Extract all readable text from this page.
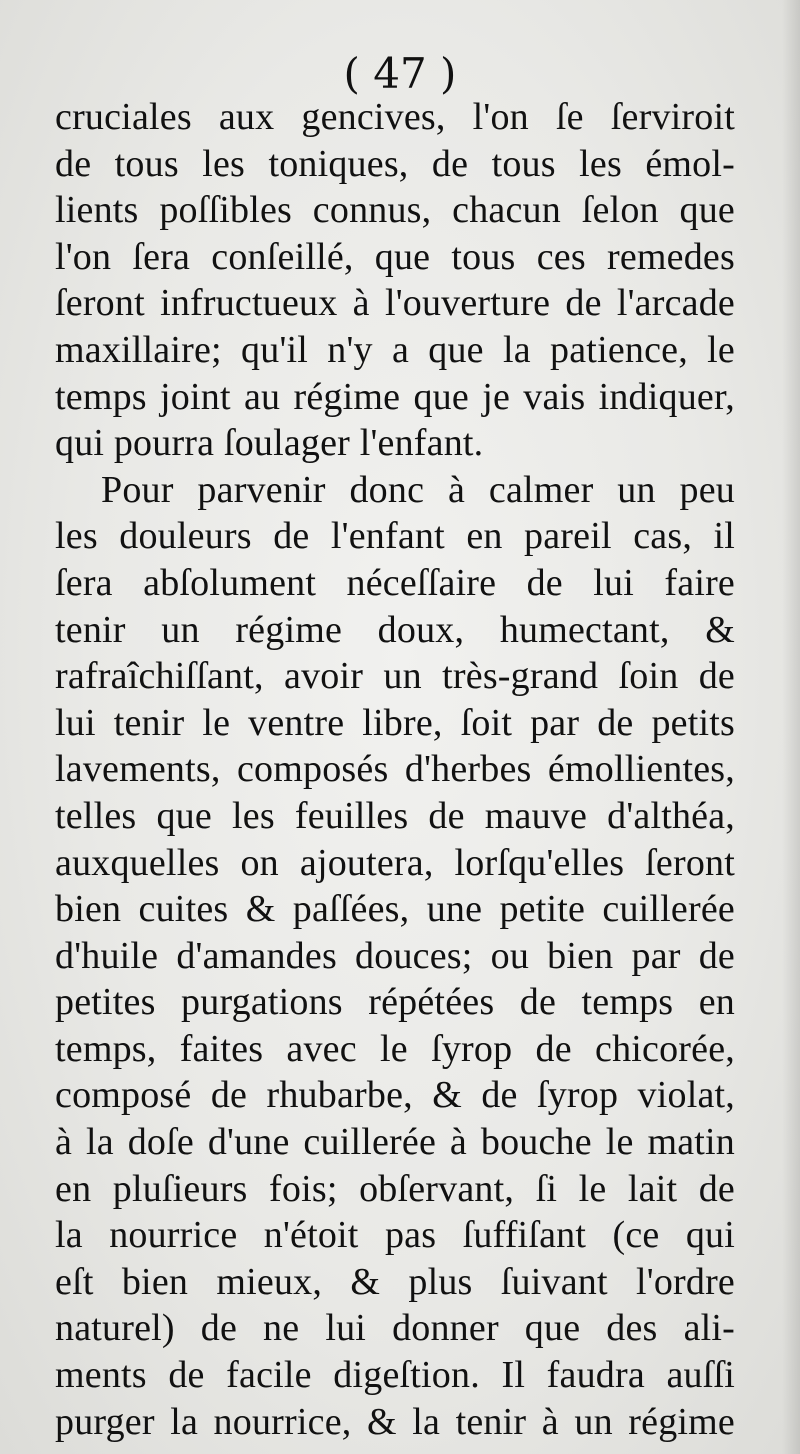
( 47 )
cruciales aux gencives, l'on ſe ſerviroit
de tous les toniques, de tous les émol-
lients poſſibles connus, chacun ſelon que
l'on ſera conſeillé, que tous ces remedes
ſeront infructueux à l'ouverture de l'arcade
maxillaire; qu'il n'y a que la patience, le
temps joint au régime que je vais indiquer,
qui pourra ſoulager l'enfant.
Pour parvenir donc à calmer un peu
les douleurs de l'enfant en pareil cas, il
ſera abſolument néceſſaire de lui faire
tenir un régime doux, humectant, &
rafraîchiſſant, avoir un très-grand ſoin de
lui tenir le ventre libre, ſoit par de petits
lavements, composés d'herbes émollientes,
telles que les feuilles de mauve d'althéa,
auxquelles on ajoutera, lorſqu'elles ſeront
bien cuites & paſſées, une petite cuillerée
d'huile d'amandes douces; ou bien par de
petites purgations répétées de temps en
temps, faites avec le ſyrop de chicorée,
composé de rhubarbe, & de ſyrop violat,
à la doſe d'une cuillerée à bouche le matin
en pluſieurs fois; obſervant, ſi le lait de
la nourrice n'étoit pas ſuffiſant (ce qui
eſt bien mieux, & plus ſuivant l'ordre
naturel) de ne lui donner que des ali-
ments de facile digeſtion. Il faudra auſſi
purger la nourrice, & la tenir à un régime
